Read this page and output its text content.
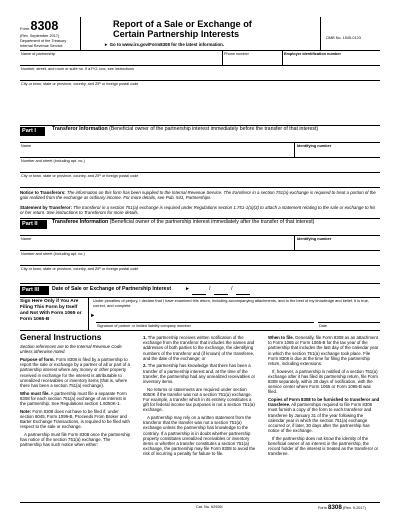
Form 8308
(Rev. September 2017)
Department of the Treasury
Internal Revenue Service
Report of a Sale or Exchange of
Certain Partnership Interests
► Go to www.irs.gov/Form8308 for the latest information.
OMB No. 1545-0123
Name of partnership	Phone number	Employer identification number
Number, street, and room or suite no. If a P.O. box, see instructions
City or town, state or province, country, and ZIP or foreign postal code
Part I	Transferor Information (Beneficial owner of the partnership interest immediately before the transfer of that interest)
Name	Identifying number
Number and street (including apt. no.)
City or town, state or province, country, and ZIP or foreign postal code
Notice to Transferors: The information on this form has been supplied to the Internal Revenue Service. The transferor in a section 751(a) exchange is required to treat a portion of the gain realized from the exchange as ordinary income. For more details, see Pub. 541, Partnerships.
Statement by Transferor: The transferor in a section 751(a) exchange is required under Regulations section 1.751-1(a)(3) to attach a statement relating to the sale or exchange to his or her return. See instructions to Transferors for more details.
Part II	Transferee Information (Beneficial owner of the partnership interest immediately after the transfer of that interest)
Name	Identifying number
Number and street (including apt. no.)
City or town, state or province, country, and ZIP or foreign postal code
Part III	Date of Sale or Exchange of Partnership Interest	►	/	/
Sign Here Only if You Are Filing This Form by Itself and Not With Form 1065 or Form 1065-B
Under penalties of perjury, I declare that I have examined this return, including accompanying attachments, and to the best of my knowledge and belief, it is true, correct, and complete.
►
Signature of partner or limited liability company member	Date
General Instructions

Section references are to the Internal Revenue Code unless otherwise noted.

Purpose of form. Form 8308 is filed by a partnership to report the sale or exchange by a partner of all or part of a partnership interest where any money or other property received in exchange for the interest is attributable to unrealized receivables or inventory items (that is, where there has been a section 751(a) exchange).

Who must file. A partnership must file a separate Form 8308 for each section 751(a) exchange of an interest in the partnership. See Regulations section 1.6050K-1.

Note: Form 8308 does not have to be filed if, under section 6045, Form 1099-B, Proceeds From Broker and Barter Exchange Transactions, is required to be filed with respect to the sale or exchange.

A partnership must file Form 8308 once the partnership has notice of the section 751(a) exchange. The partnership has such notice when either:

1. The partnership receives written notification of the exchange from the transferor that includes the names and addresses of both parties to the exchange, the identifying numbers of the transferor and (if known) of the transferee, and the date of the exchange; or

2. The partnership has knowledge that there has been a transfer of a partnership interest and, at the time of the transfer, the partnership had any unrealized receivables or inventory items.

No returns or statements are required under section 6050K if the transfer was not a section 751(a) exchange. For example, a transfer which in its entirety constitutes a gift for federal income tax purposes is not a section 751(a) exchange.

A partnership may rely on a written statement from the transferor that the transfer was not a section 751(a) exchange unless the partnership has knowledge to the contrary. If a partnership is in doubt whether partnership property constitutes unrealized receivables or inventory items or whether a transfer constitutes a section 751(a) exchange, the partnership may file Form 8308 to avoid the risk of incurring a penalty for failure to file.

When to file. Generally, file Form 8308 as an attachment to Form 1065 or Form 1065-B for the tax year of the partnership that includes the last day of the calendar year in which the section 751(a) exchange took place. File Form 8308 is due at the time for filing the partnership return, including extensions.

If, however, a partnership is notified of a section 751(a) exchange after it has filed its partnership return, file Form 8308 separately, within 30 days of notification, with the service center where Form 1065 or Form 1065-B was filed.

Copies of Form 8308 to be furnished to transferor and transferee. All partnerships required to file Form 8308 must furnish a copy of the form to each transferor and transferee by January 31 of the year following the calendar year in which the section 751(a) exchange occurred or, if later, 30 days after the partnership has notice of the exchange.

If the partnership does not know the identity of the beneficial owner of an interest in the partnership, the record holder of the interest is treated as the transferor or transferee.

Cat. No. 62926I	Form 8308 (Rev. 9-2017)
